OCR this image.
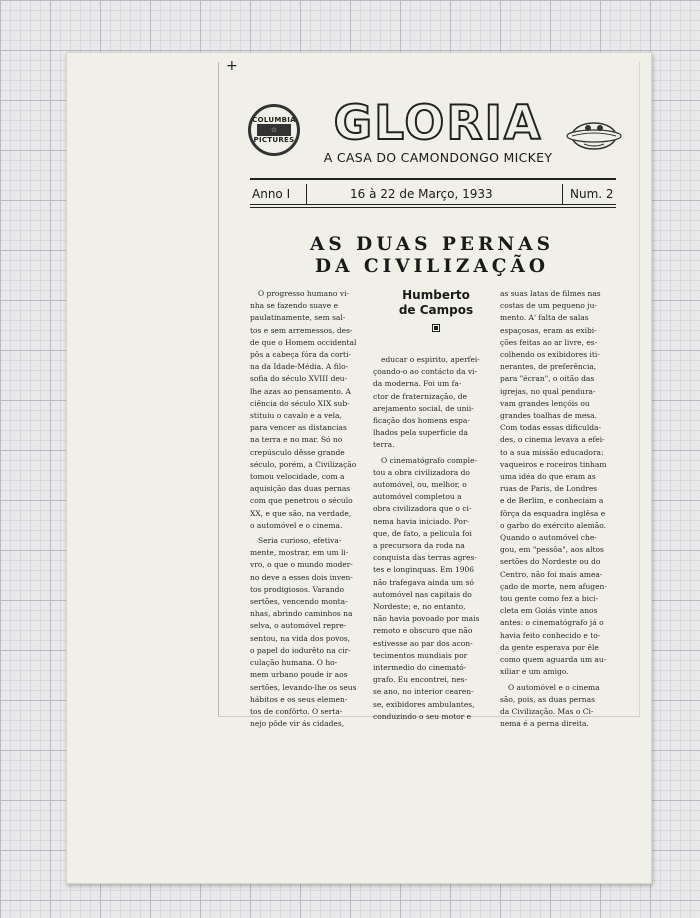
+
COLUMBIA
☆
PICTURES GLORIA
A CASA DO CAMONDONGO MICKEY
Anno I	16 à 22 de Março, 1933	Num. 2
AS DUAS PERNAS
DA CIVILIZAÇÃO

O progresso humano vi-
nha se fazendo suave e
paulatinamente, sem sal-
tos e sem arremessos, des-
de que o Homem occidental
pôs a cabeça fóra da corti-
na da Idade-Média. A filo-
sofia do século XVIII deu-
lhe azas ao pensamento. A
ciência do século XIX sub-
stituiu o cavalo e a vela,
para vencer as distancias
na terra e no mar. Só no
crepúsculo dêsse grande
século, porém, a Civilização
tomou velocidade, com a
aquisição das duas pernas
com que penetrou o século
XX, e que são, na verdade,
o automóvel e o cinema.

Seria curioso, efetiva-
mente, mostrar, em um li-
vro, o que o mundo moder-
no deve a esses dois inven-
tos prodigiosos. Varando
sertões, vencendo monta-
nhas, abrindo caminhos na
selva, o automóvel repre-
sentou, na vida dos povos,
o papel do iodurêto na cir-
culação humana. O ho-
mem urbano poude ir aos
sertões, levando-lhe os seus
hábitos e os seus elemen-
tos de confôrto. O serta-
nejo pôde vir ás cidades,

Humberto
de Campos

educar o espirito, aperfei-
çoando-o ao contácto da vi-
da moderna. Foi um fa-
ctor de fraternização, de
arejamento social, de unii-
ficação dos homens espa-
lhados pela superficie da
terra.

O cinematógrafo comple-
tou a obra civilizadora do
automóvel, ou, melhor, o
automóvel completou a
obra civilizadora que o ci-
nema havia iniciado. Por-
que, de fato, a pelicula foi
a precursora da roda na
conquista das terras agres-
tes e longinquas. Em 1906
não trafegava ainda um só
automóvel nas capitais do
Nordeste; e, no entanto,
não havia povoado por mais
remoto e obscuro que não
estivesse ao par dos acon-
tecimentos mundiais por
intermedio do cinemató-
grafo. Eu encontrei, nes-
se ano, no interior cearen-
se, exibidores ambulantes,
conduzindo o seu motor e

as suas latas de filmes nas
costas de um pequeno ju-
mento. A' falta de salas
espaçosas, eram as exibi-
ções feitas ao ar livre, es-
colhendo os exibidores iti-
nerantes, de preferência,
para "écran", o oitão das
igrejas, no qual pendura-
vam grandes lençóis ou
grandes toalhas de mesa.
Com todas essas dificulda-
des, o cinema levava a efei-
to a sua missão educadora:
vaqueiros e roceiros tinham
uma idéa do que eram as
ruas de Paris, de Londres
e de Berlim, e conheciam a
fôrça da esquadra inglêsa e
o garbo do exército alemão.
Quando o automóvel che-
gou, em "pessôa", aos altos
sertões do Nordeste ou do
Centro, não foi mais amea-
çado de morte, nem afugen-
tou gente como fez a bici-
cleta em Goiás vinte anos
antes: o cinematógrafo já o
havia feito conhecido e to-
da gente esperava por êle
como quem aguarda um au-
xiliar e um amigo.

O automóvel e o cinema
são, pois, as duas pernas
da Civilização. Mas o Ci-
nema é a perna direita.
